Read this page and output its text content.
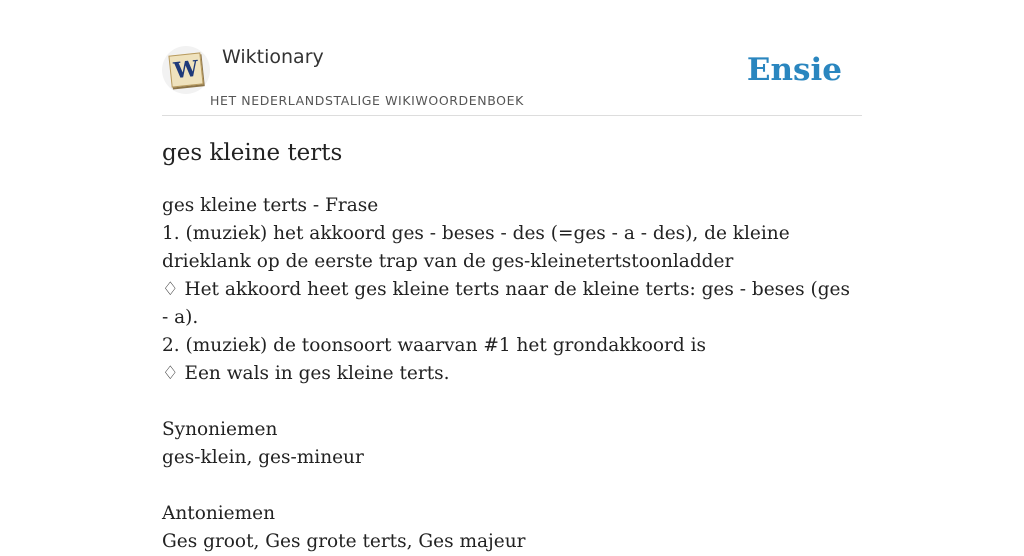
W Wiktionary
HET NEDERLANDSTALIGE WIKIWOORDENBOEK
Ensie
ges kleine terts
ges kleine terts - Frase
1. (muziek) het akkoord ges - beses - des (=ges - a - des), de kleine drieklank op de eerste trap van de ges-kleinetertstoonladder
♢ Het akkoord heet ges kleine terts naar de kleine terts: ges - beses (ges - a).
2. (muziek) de toonsoort waarvan #1 het grondakkoord is
♢ Een wals in ges kleine terts.
Synoniemen
ges-klein, ges-mineur
Antoniemen
Ges groot, Ges grote terts, Ges majeur
